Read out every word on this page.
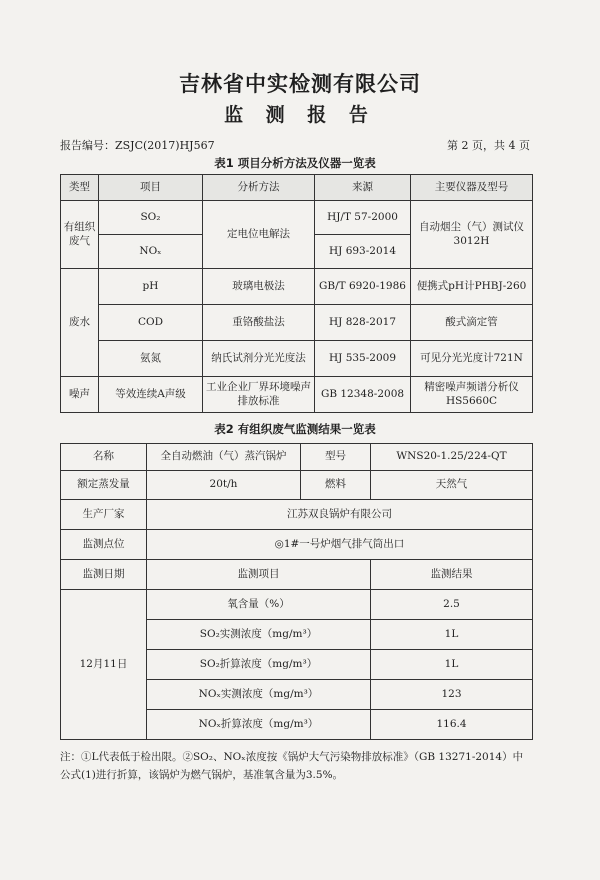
吉林省中实检测有限公司
监 测 报 告
报告编号：ZSJC(2017)HJ567	第 2 页，共 4 页
表1 项目分析方法及仪器一览表
类型	项目	分析方法	来源	主要仪器及型号
有组织废气	SO₂	定电位电解法	HJ/T 57-2000	自动烟尘（气）测试仪3012H
	NOₓ		HJ 693-2014	
废水	pH	玻璃电极法	GB/T 6920-1986	便携式pH计PHBJ-260
	COD	重铬酸盐法	HJ 828-2017	酸式滴定管
	氨氮	纳氏试剂分光光度法	HJ 535-2009	可见分光光度计721N
噪声	等效连续A声级	工业企业厂界环境噪声排放标准	GB 12348-2008	精密噪声频谱分析仪HS5660C
表2 有组织废气监测结果一览表
名称	全自动燃油（气）蒸汽锅炉	型号	WNS20-1.25/224-QT
额定蒸发量	20t/h	燃料	天然气
生产厂家	江苏双良锅炉有限公司		
监测点位	◎1#一号炉烟气排气筒出口		
监测日期	监测项目		监测结果
12月11日	氧含量（%）		2.5
	SO₂实测浓度（mg/m³）		1L
	SO₂折算浓度（mg/m³）		1L
	NOₓ实测浓度（mg/m³）		123
	NOₓ折算浓度（mg/m³）		116.4
注：①L代表低于检出限。②SO₂、NOₓ浓度按《锅炉大气污染物排放标准》（GB 13271-2014）中公式(1)进行折算，该锅炉为燃气锅炉，基准氧含量为3.5%。
